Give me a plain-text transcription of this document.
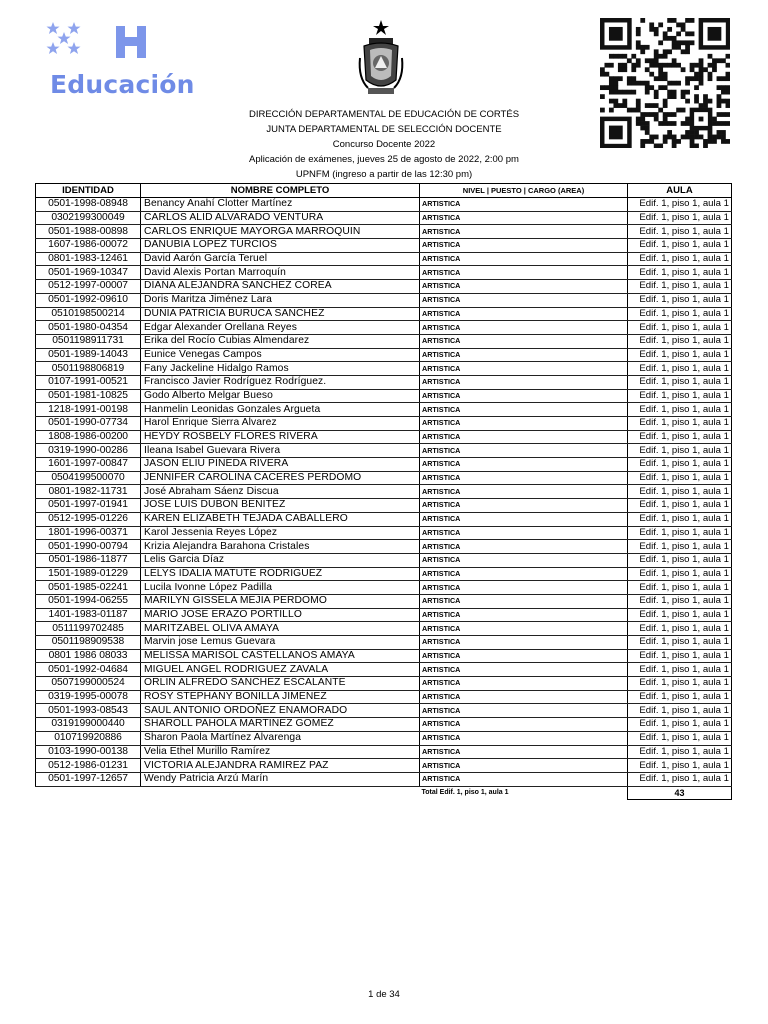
Educación
DIRECCIÓN DEPARTAMENTAL DE EDUCACIÓN DE CORTÉS
JUNTA DEPARTAMENTAL DE SELECCIÓN DOCENTE
Concurso Docente 2022
Aplicación de exámenes, jueves 25 de agosto de 2022, 2:00 pm
UPNFM (ingreso a partir de las 12:30 pm)
IDENTIDAD	NOMBRE COMPLETO	NIVEL | PUESTO | CARGO (AREA)	AULA
0501-1998-08948	Benancy Anahí Clotter Martínez	ARTISTICA	Edif. 1, piso 1, aula 1
0302199300049	CARLOS ALID ALVARADO VENTURA	ARTISTICA	Edif. 1, piso 1, aula 1
0501-1988-00898	CARLOS ENRIQUE MAYORGA MARROQUIN	ARTISTICA	Edif. 1, piso 1, aula 1
1607-1986-00072	DANUBIA LOPEZ TURCIOS	ARTISTICA	Edif. 1, piso 1, aula 1
0801-1983-12461	David Aarón García Teruel	ARTISTICA	Edif. 1, piso 1, aula 1
0501-1969-10347	David Alexis Portan Marroquín	ARTISTICA	Edif. 1, piso 1, aula 1
0512-1997-00007	DIANA ALEJANDRA SANCHEZ COREA	ARTISTICA	Edif. 1, piso 1, aula 1
0501-1992-09610	Doris Maritza Jiménez Lara	ARTISTICA	Edif. 1, piso 1, aula 1
0510198500214	DUNIA PATRICIA BURUCA SANCHEZ	ARTISTICA	Edif. 1, piso 1, aula 1
0501-1980-04354	Edgar Alexander Orellana Reyes	ARTISTICA	Edif. 1, piso 1, aula 1
0501198911731	Erika del Rocío Cubias Almendarez	ARTISTICA	Edif. 1, piso 1, aula 1
0501-1989-14043	Eunice Venegas Campos	ARTISTICA	Edif. 1, piso 1, aula 1
0501198806819	Fany Jackeline Hidalgo Ramos	ARTISTICA	Edif. 1, piso 1, aula 1
0107-1991-00521	Francisco Javier Rodríguez Rodríguez.	ARTISTICA	Edif. 1, piso 1, aula 1
0501-1981-10825	Godo Alberto Melgar Bueso	ARTISTICA	Edif. 1, piso 1, aula 1
1218-1991-00198	Hanmelin Leonidas Gonzales Argueta	ARTISTICA	Edif. 1, piso 1, aula 1
0501-1990-07734	Harol Enrique Sierra Alvarez	ARTISTICA	Edif. 1, piso 1, aula 1
1808-1986-00200	HEYDY ROSBELY FLORES RIVERA	ARTISTICA	Edif. 1, piso 1, aula 1
0319-1990-00286	Ileana Isabel Guevara Rivera	ARTISTICA	Edif. 1, piso 1, aula 1
1601-1997-00847	JASON ELIU PINEDA RIVERA	ARTISTICA	Edif. 1, piso 1, aula 1
0504199500070	JENNIFER CAROLINA CACERES PERDOMO	ARTISTICA	Edif. 1, piso 1, aula 1
0801-1982-11731	José Abraham Sáenz Discua	ARTISTICA	Edif. 1, piso 1, aula 1
0501-1997-01941	JOSE LUIS DUBON BENITEZ	ARTISTICA	Edif. 1, piso 1, aula 1
0512-1995-01226	KAREN ELIZABETH TEJADA CABALLERO	ARTISTICA	Edif. 1, piso 1, aula 1
1801-1996-00371	Karol Jessenia Reyes López	ARTISTICA	Edif. 1, piso 1, aula 1
0501-1990-00794	Krizia Alejandra Barahona Cristales	ARTISTICA	Edif. 1, piso 1, aula 1
0501-1986-11877	Lelis Garcia Díaz	ARTISTICA	Edif. 1, piso 1, aula 1
1501-1989-01229	LELYS IDALIA MATUTE RODRIGUEZ	ARTISTICA	Edif. 1, piso 1, aula 1
0501-1985-02241	Lucila Ivonne López Padilla	ARTISTICA	Edif. 1, piso 1, aula 1
0501-1994-06255	MARILYN GISSELA MEJIA PERDOMO	ARTISTICA	Edif. 1, piso 1, aula 1
1401-1983-01187	MARIO JOSE ERAZO PORTILLO	ARTISTICA	Edif. 1, piso 1, aula 1
0511199702485	MARITZABEL OLIVA AMAYA	ARTISTICA	Edif. 1, piso 1, aula 1
0501198909538	Marvin jose Lemus Guevara	ARTISTICA	Edif. 1, piso 1, aula 1
0801 1986 08033	MELISSA MARISOL CASTELLANOS AMAYA	ARTISTICA	Edif. 1, piso 1, aula 1
0501-1992-04684	MIGUEL ANGEL RODRIGUEZ ZAVALA	ARTISTICA	Edif. 1, piso 1, aula 1
0507199000524	ORLIN ALFREDO SANCHEZ ESCALANTE	ARTISTICA	Edif. 1, piso 1, aula 1
0319-1995-00078	ROSY STEPHANY BONILLA JIMENEZ	ARTISTICA	Edif. 1, piso 1, aula 1
0501-1993-08543	SAUL ANTONIO ORDOÑEZ ENAMORADO	ARTISTICA	Edif. 1, piso 1, aula 1
0319199000440	SHAROLL PAHOLA MARTINEZ GOMEZ	ARTISTICA	Edif. 1, piso 1, aula 1
010719920886	Sharon Paola Martínez Alvarenga	ARTISTICA	Edif. 1, piso 1, aula 1
0103-1990-00138	Velia Ethel Murillo Ramírez	ARTISTICA	Edif. 1, piso 1, aula 1
0512-1986-01231	VICTORIA ALEJANDRA RAMIREZ PAZ	ARTISTICA	Edif. 1, piso 1, aula 1
0501-1997-12657	Wendy Patricia Arzú Marín	ARTISTICA	Edif. 1, piso 1, aula 1
		Total Edif. 1, piso 1, aula 1	43
1 de 34
